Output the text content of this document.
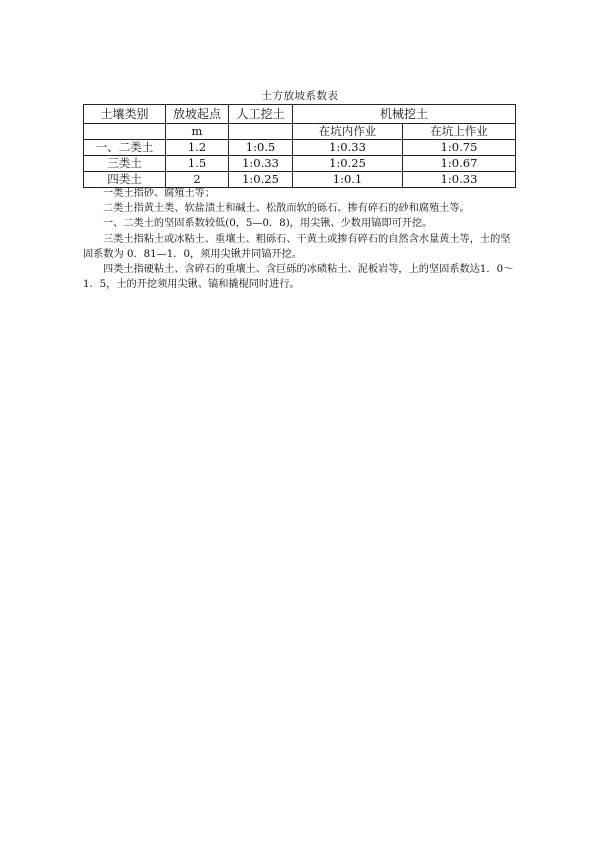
土方放坡系数表
土壤类别	放坡起点	人工挖土	机械挖土	
	m		在坑内作业	在坑上作业
一、二类土	1.2	1:0.5	1:0.33	1:0.75
三类土	1.5	1:0.33	1:0.25	1:0.67
四类土	2	1:0.25	1:0.1	1:0.33

一类土指砂、腐殖土等；

二类土指黄土类、软盐渍土和碱土、松散而软的砾石、掺有碎石的砂和腐殖土等。

一、二类土的坚固系数较低(0，5—0．8)，用尖锹、少数用镐即可开挖。

三类土指粘土或冰粘土、重壤土、粗砾石、干黄土或掺有碎石的自然含水量黄土等，土的坚固系数为 0．81—1．0，须用尖锹并同镐开挖。

四类土指硬粘土、含碎石的重壤土、含巨砾的冰碛粘土、泥板岩等，上的坚固系数达1．0～1．5，土的开挖须用尖锹、镐和撬棍同时进行。
